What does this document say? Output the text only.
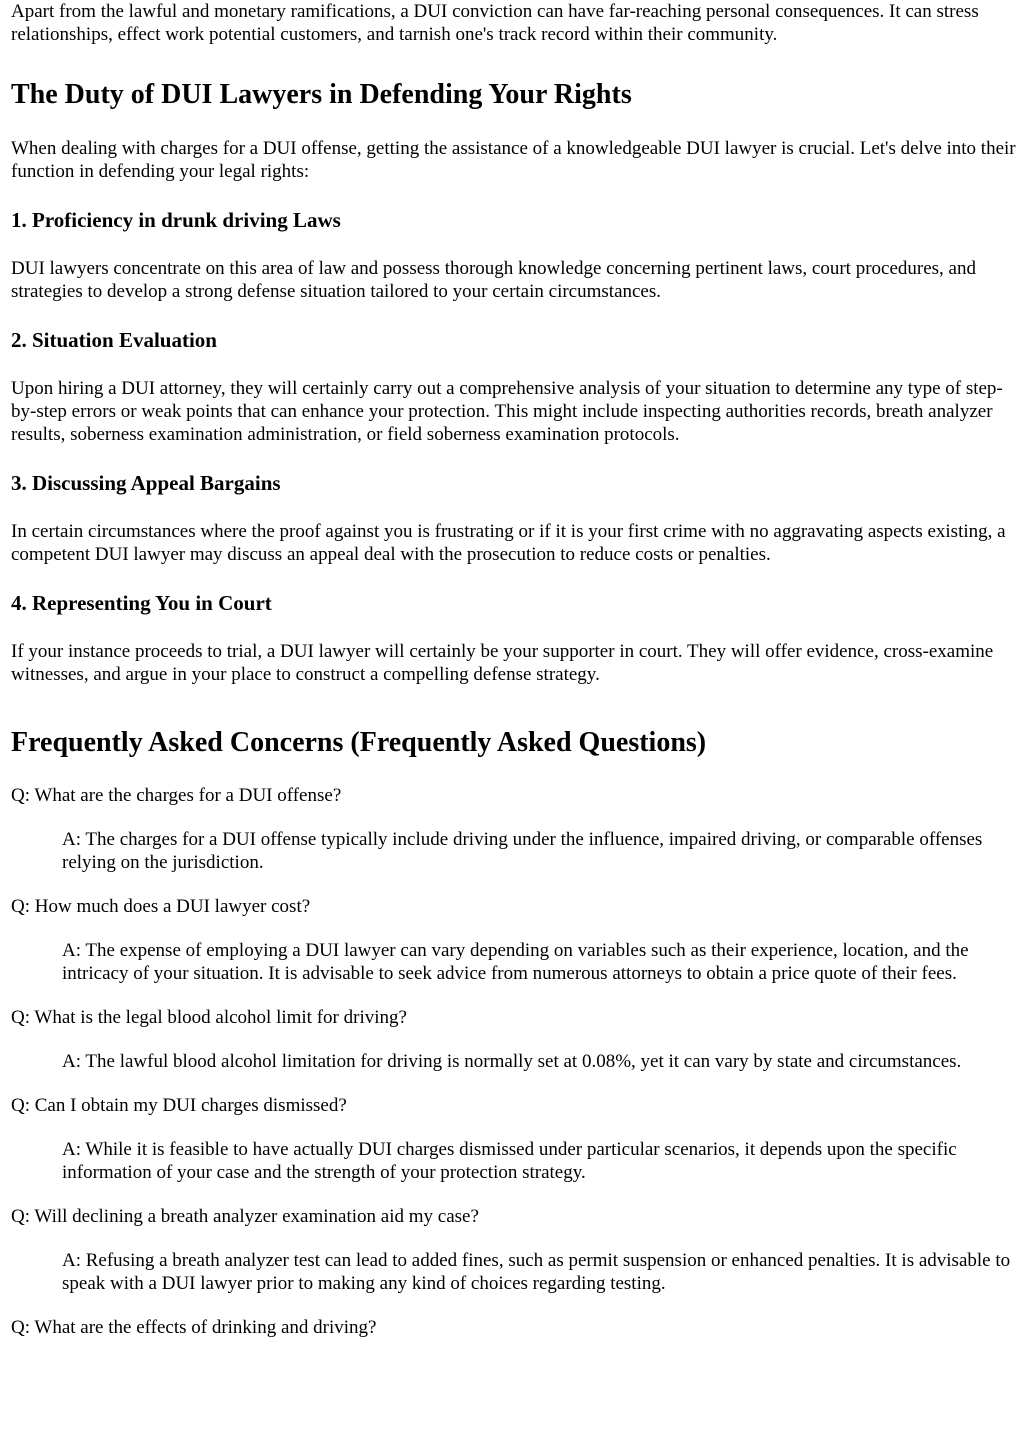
Apart from the lawful and monetary ramifications, a DUI conviction can have far-reaching personal consequences. It can stress relationships, effect work potential customers, and tarnish one's track record within their community.

The Duty of DUI Lawyers in Defending Your Rights

When dealing with charges for a DUI offense, getting the assistance of a knowledgeable DUI lawyer is crucial. Let's delve into their function in defending your legal rights:

1. Proficiency in drunk driving Laws

DUI lawyers concentrate on this area of law and possess thorough knowledge concerning pertinent laws, court procedures, and strategies to develop a strong defense situation tailored to your certain circumstances.

2. Situation Evaluation

Upon hiring a DUI attorney, they will certainly carry out a comprehensive analysis of your situation to determine any type of step-by-step errors or weak points that can enhance your protection. This might include inspecting authorities records, breath analyzer results, soberness examination administration, or field soberness examination protocols.

3. Discussing Appeal Bargains

In certain circumstances where the proof against you is frustrating or if it is your first crime with no aggravating aspects existing, a competent DUI lawyer may discuss an appeal deal with the prosecution to reduce costs or penalties.

4. Representing You in Court

If your instance proceeds to trial, a DUI lawyer will certainly be your supporter in court. They will offer evidence, cross-examine witnesses, and argue in your place to construct a compelling defense strategy.

Frequently Asked Concerns (Frequently Asked Questions)

Q: What are the charges for a DUI offense?

A: The charges for a DUI offense typically include driving under the influence, impaired driving, or comparable offenses relying on the jurisdiction.

Q: How much does a DUI lawyer cost?

A: The expense of employing a DUI lawyer can vary depending on variables such as their experience, location, and the intricacy of your situation. It is advisable to seek advice from numerous attorneys to obtain a price quote of their fees.

Q: What is the legal blood alcohol limit for driving?

A: The lawful blood alcohol limitation for driving is normally set at 0.08%, yet it can vary by state and circumstances.

Q: Can I obtain my DUI charges dismissed?

A: While it is feasible to have actually DUI charges dismissed under particular scenarios, it depends upon the specific information of your case and the strength of your protection strategy.

Q: Will declining a breath analyzer examination aid my case?

A: Refusing a breath analyzer test can lead to added fines, such as permit suspension or enhanced penalties. It is advisable to speak with a DUI lawyer prior to making any kind of choices regarding testing.

Q: What are the effects of drinking and driving?
